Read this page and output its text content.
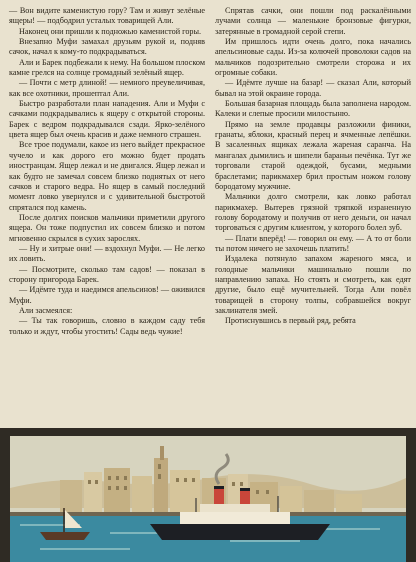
— Вон видите каменистую гору? Там и живут зелёные ящеры! — подбодрил усталых товарищей Али.

Наконец они пришли к подножью каменистой горы.

Внезапно Муфи замахал друзьям рукой и, подняв сачок, начал к кому-то подкрадываться.

Али и Барек подбежали к нему. На большом плоском камне грелся на солнце громадный зелёный ящер.

— Почти с метр длиной! — немного преувеличивая, как все охотники, прошептал Али.

Быстро разработали план нападения. Али и Муфи с сачками подкрадывались к ящеру с открытой стороны. Барек с ведром подкрадывался сзади. Ярко-зелёного цвета ящер был очень красив и даже немного страшен.

Все трое подумали, какое из него выйдет прекрасное чучело и как дорого его можно будет продать иностранцам. Ящер лежал и не двигался. Ящер лежал и как будто не замечал совсем близко поднятых от него сачков и старого ведра. Но ящер в самый последний момент ловко увернулся и с удивительной быстротой спрятался под камень.

После долгих поисков мальчики приметили другого ящера. Он тоже подпустил их совсем близко и потом мгновенно скрылся в сухих зарослях.

— Ну и хитрые они! — вздохнул Муфи. — Не легко их ловить.

— Посмотрите, сколько там садов! — показал в сторону пригорода Барек.

— Идёмте туда и наедимся апельсинов! — оживился Муфи.

Али засмеялся:

— Ты так говоришь, словно в каждом саду тебя только и ждут, чтобы угостить! Сады ведь чужие!

Спрятав сачки, они пошли под раскалёнными лучами солнца — маленькие бронзовые фигурки, затерянные в громадной серой степи.

Им пришлось идти очень долго, пока начались апельсиновые сады. Из-за колючей проволоки садов на мальчиков подозрительно смотрели сторожа и их огромные собаки.

— Идёмте лучше на базар! — сказал Али, который бывал на этой окраине города.

Большая базарная площадь была заполнена народом. Калеки и слепые просили милостыню.

Прямо на земле продавцы разложили финики, гранаты, яблоки, красный перец и ячменные лепёшки. В засаленных ящиках лежала жареная саранча. На мангалах дымились и шипели бараньи печёнка. Тут же торговали старой одеждой, бусами, медными браслетами; парикмахер брил простым ножом голову бородатому мужчине.

Мальчики долго смотрели, как ловко работал парикмахер. Вытерев грязной тряпкой израненную голову бородатому и получив от него деньги, он начал торговаться с другим клиентом, у которого болел зуб.

— Плати вперёд! — говорил он ему. — А то от боли ты потом ничего не захочешь платить!

Издалека потянуло запахом жареного мяса, и голодные мальчики машинально пошли по направлению запаха. Но стоять и смотреть, как едят другие, было ещё мучительней. Тогда Али повёл товарищей в сторону толпы, собравшейся вокруг заклинателя змей.

Протиснувшись в первый ряд, ребята
